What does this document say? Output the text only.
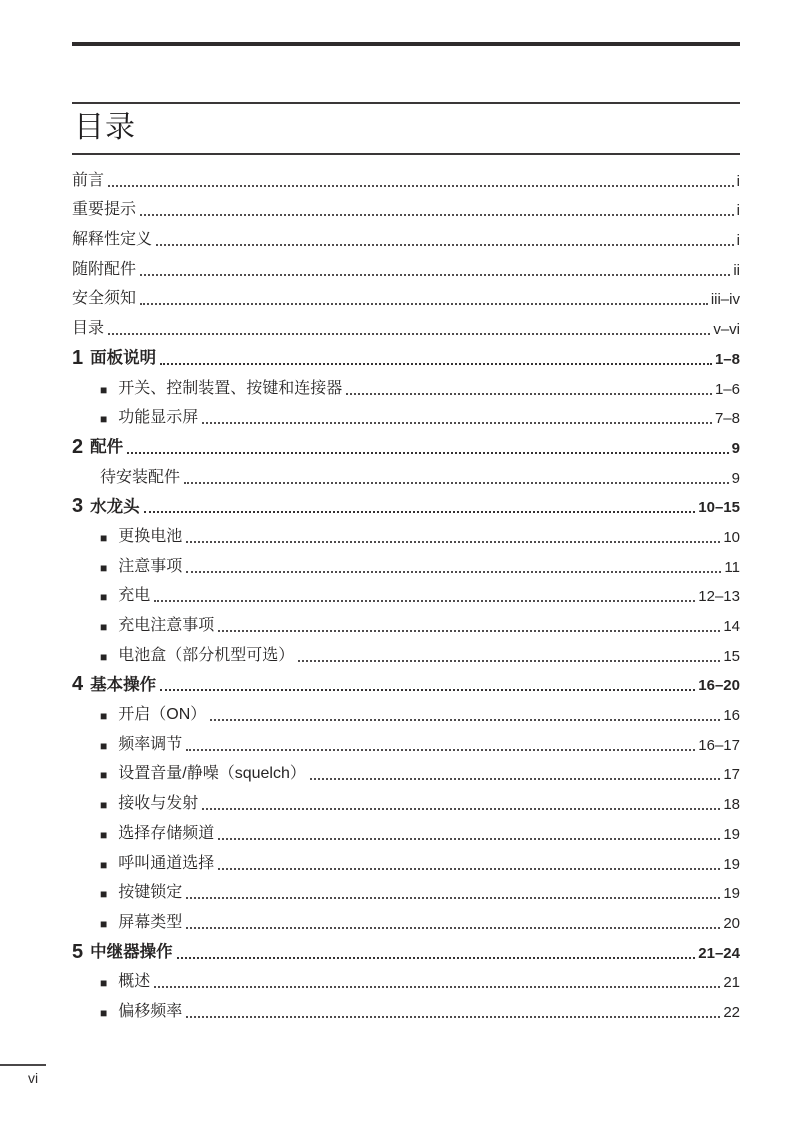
目录
前言	i
重要提示	i
解释性定义	i
随附配件	ii
安全须知	iii–iv
目录	v–vi
1 面板说明	1–8
■ 开关、控制装置、按键和连接器	1–6
■ 功能显示屏	7–8
2 配件	9
待安装配件	9
3 水龙头	10–15
■ 更换电池	10
■ 注意事项	11
■ 充电	12–13
■ 充电注意事项	14
■ 电池盒（部分机型可选）	15
4 基本操作	16–20
■ 开启（ON）	16
■ 频率调节	16–17
■ 设置音量/静噪（squelch）	17
■ 接收与发射	18
■ 选择存储频道	19
■ 呼叫通道选择	19
■ 按键锁定	19
■ 屏幕类型	20
5 中继器操作	21–24
■ 概述	21
■ 偏移频率	22
vi
